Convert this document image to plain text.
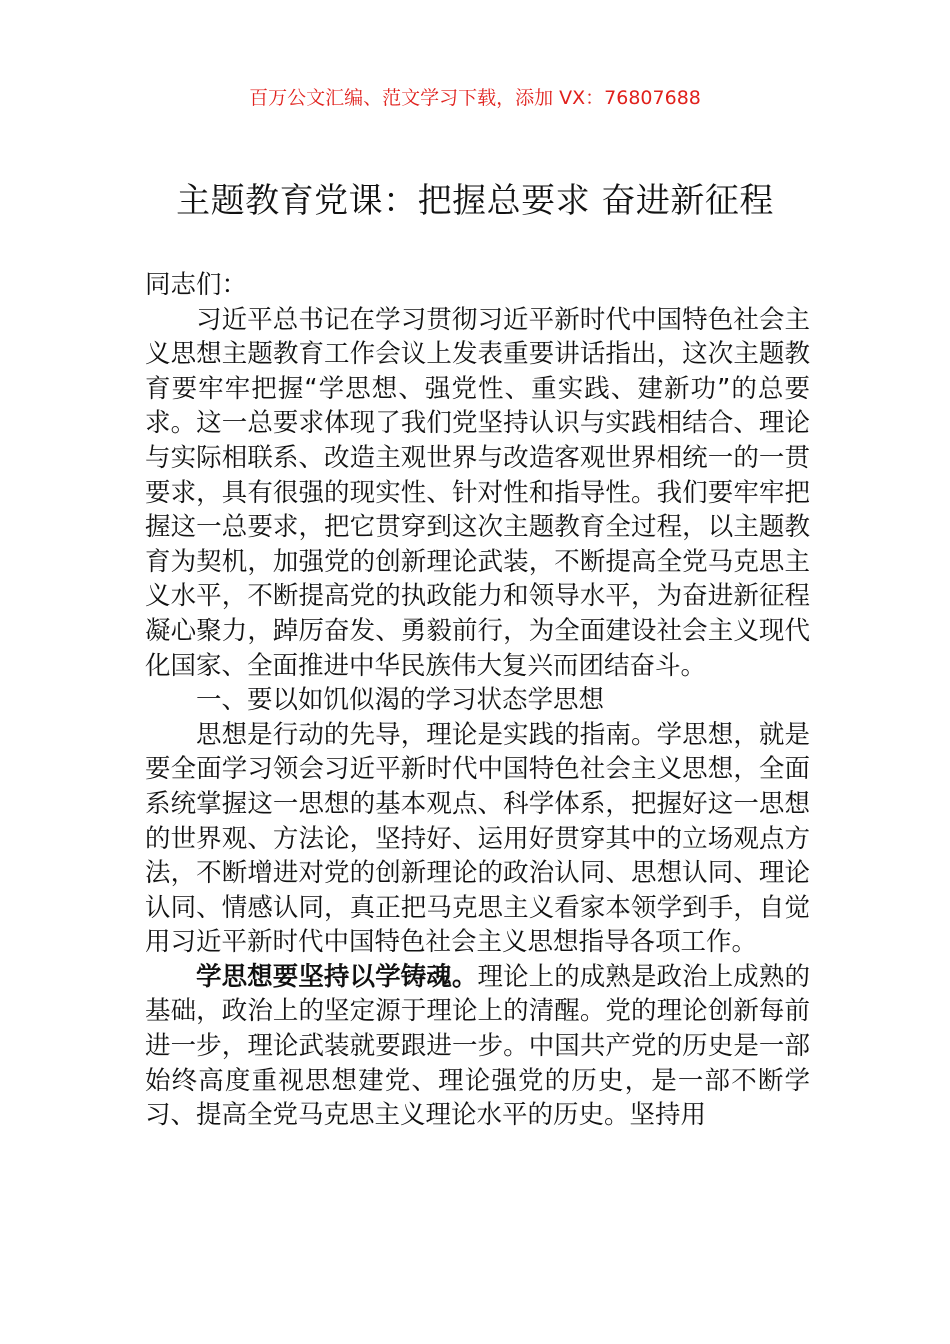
百万公文汇编、范文学习下载，添加 VX：76807688
主题教育党课：把握总要求 奋进新征程

同志们：

习近平总书记在学习贯彻习近平新时代中国特色社会主义思想主题教育工作会议上发表重要讲话指出，这次主题教育要牢牢把握“学思想、强党性、重实践、建新功”的总要求。这一总要求体现了我们党坚持认识与实践相结合、理论与实际相联系、改造主观世界与改造客观世界相统一的一贯要求，具有很强的现实性、针对性和指导性。我们要牢牢把握这一总要求，把它贯穿到这次主题教育全过程，以主题教育为契机，加强党的创新理论武装，不断提高全党马克思主义水平，不断提高党的执政能力和领导水平，为奋进新征程凝心聚力，踔厉奋发、勇毅前行，为全面建设社会主义现代化国家、全面推进中华民族伟大复兴而团结奋斗。

一、要以如饥似渴的学习状态学思想

思想是行动的先导，理论是实践的指南。学思想，就是要全面学习领会习近平新时代中国特色社会主义思想，全面系统掌握这一思想的基本观点、科学体系，把握好这一思想的世界观、方法论，坚持好、运用好贯穿其中的立场观点方法，不断增进对党的创新理论的政治认同、思想认同、理论认同、情感认同，真正把马克思主义看家本领学到手，自觉用习近平新时代中国特色社会主义思想指导各项工作。

学思想要坚持以学铸魂。理论上的成熟是政治上成熟的基础，政治上的坚定源于理论上的清醒。党的理论创新每前进一步，理论武装就要跟进一步。中国共产党的历史是一部始终高度重视思想建党、理论强党的历史，是一部不断学习、提高全党马克思主义理论水平的历史。坚持用
